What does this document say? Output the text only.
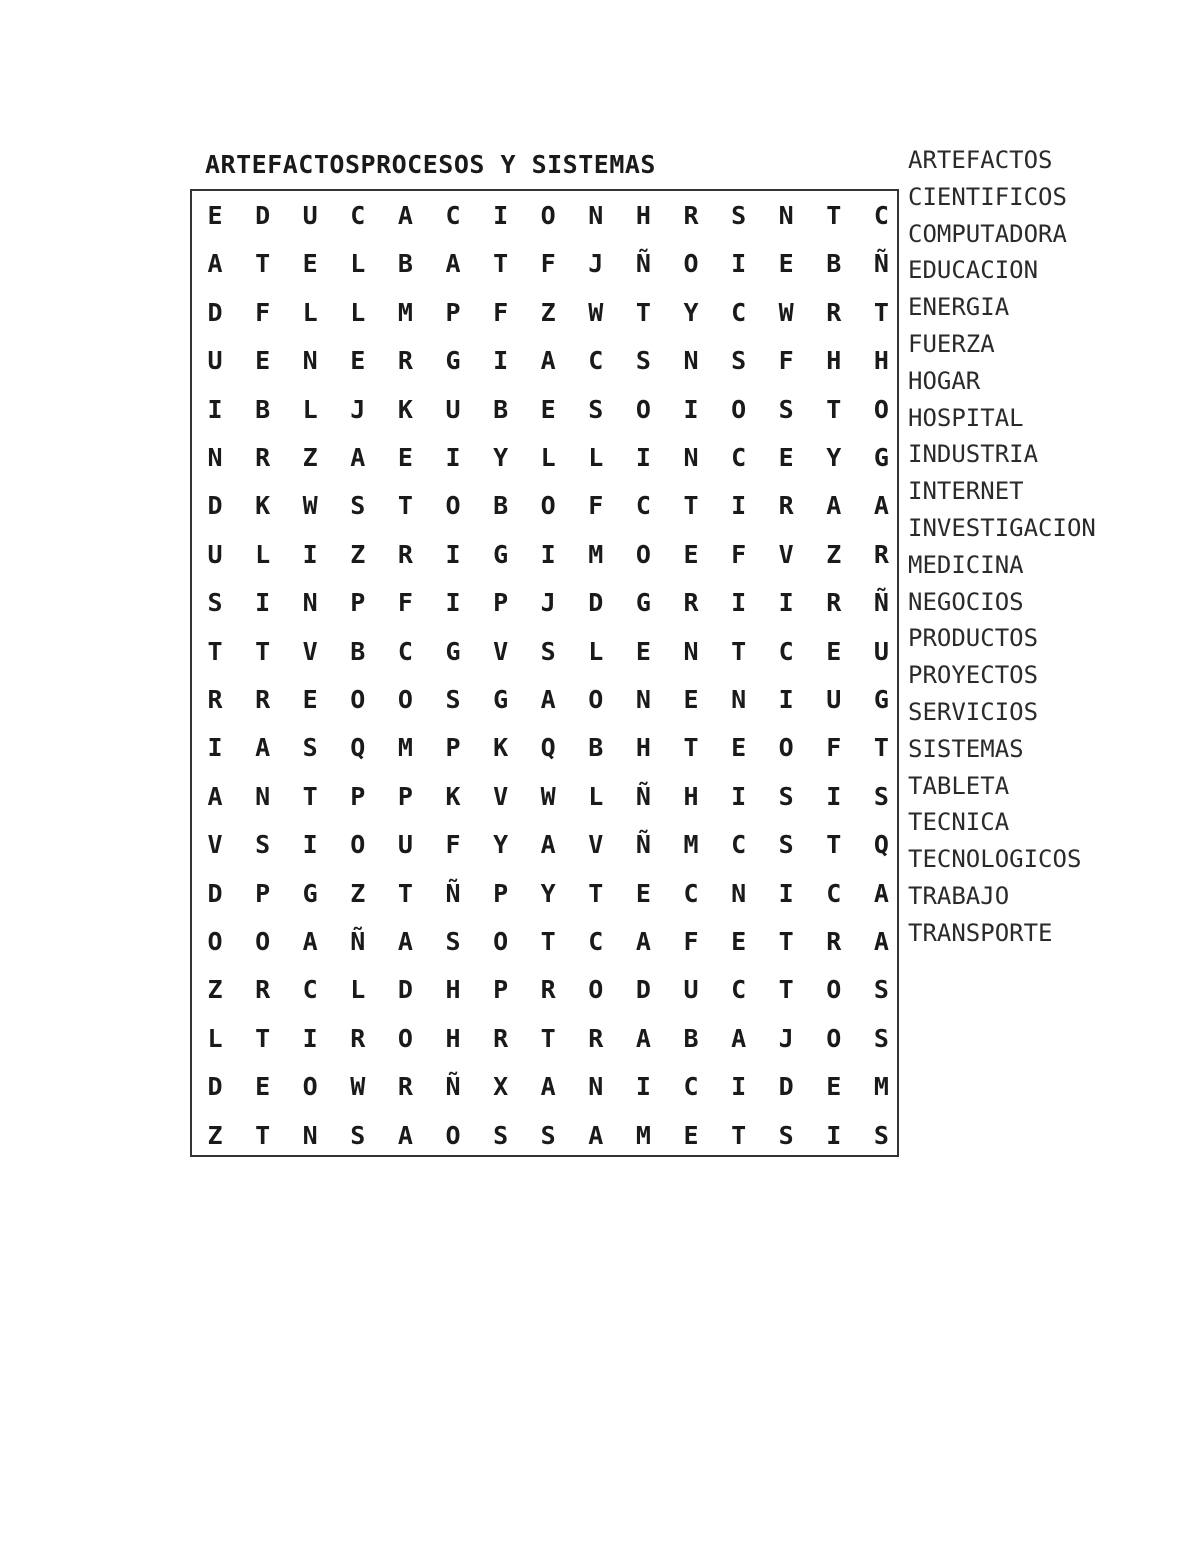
ARTEFACTOSPROCESOS Y SISTEMAS
E	D	U	C	A	C	I	O	N	H	R	S	N	T	C
A	T	E	L	B	A	T	F	J	Ñ	O	I	E	B	Ñ
D	F	L	L	M	P	F	Z	W	T	Y	C	W	R	T
U	E	N	E	R	G	I	A	C	S	N	S	F	H	H
I	B	L	J	K	U	B	E	S	O	I	O	S	T	O
N	R	Z	A	E	I	Y	L	L	I	N	C	E	Y	G
D	K	W	S	T	O	B	O	F	C	T	I	R	A	A
U	L	I	Z	R	I	G	I	M	O	E	F	V	Z	R
S	I	N	P	F	I	P	J	D	G	R	I	I	R	Ñ
T	T	V	B	C	G	V	S	L	E	N	T	C	E	U
R	R	E	O	O	S	G	A	O	N	E	N	I	U	G
I	A	S	Q	M	P	K	Q	B	H	T	E	O	F	T
A	N	T	P	P	K	V	W	L	Ñ	H	I	S	I	S
V	S	I	O	U	F	Y	A	V	Ñ	M	C	S	T	Q
D	P	G	Z	T	Ñ	P	Y	T	E	C	N	I	C	A
O	O	A	Ñ	A	S	O	T	C	A	F	E	T	R	A
Z	R	C	L	D	H	P	R	O	D	U	C	T	O	S
L	T	I	R	O	H	R	T	R	A	B	A	J	O	S
D	E	O	W	R	Ñ	X	A	N	I	C	I	D	E	M
Z	T	N	S	A	O	S	S	A	M	E	T	S	I	S
ARTEFACTOS
CIENTIFICOS
COMPUTADORA
EDUCACION
ENERGIA
FUERZA
HOGAR
HOSPITAL
INDUSTRIA
INTERNET
INVESTIGACION
MEDICINA
NEGOCIOS
PRODUCTOS
PROYECTOS
SERVICIOS
SISTEMAS
TABLETA
TECNICA
TECNOLOGICOS
TRABAJO
TRANSPORTE
